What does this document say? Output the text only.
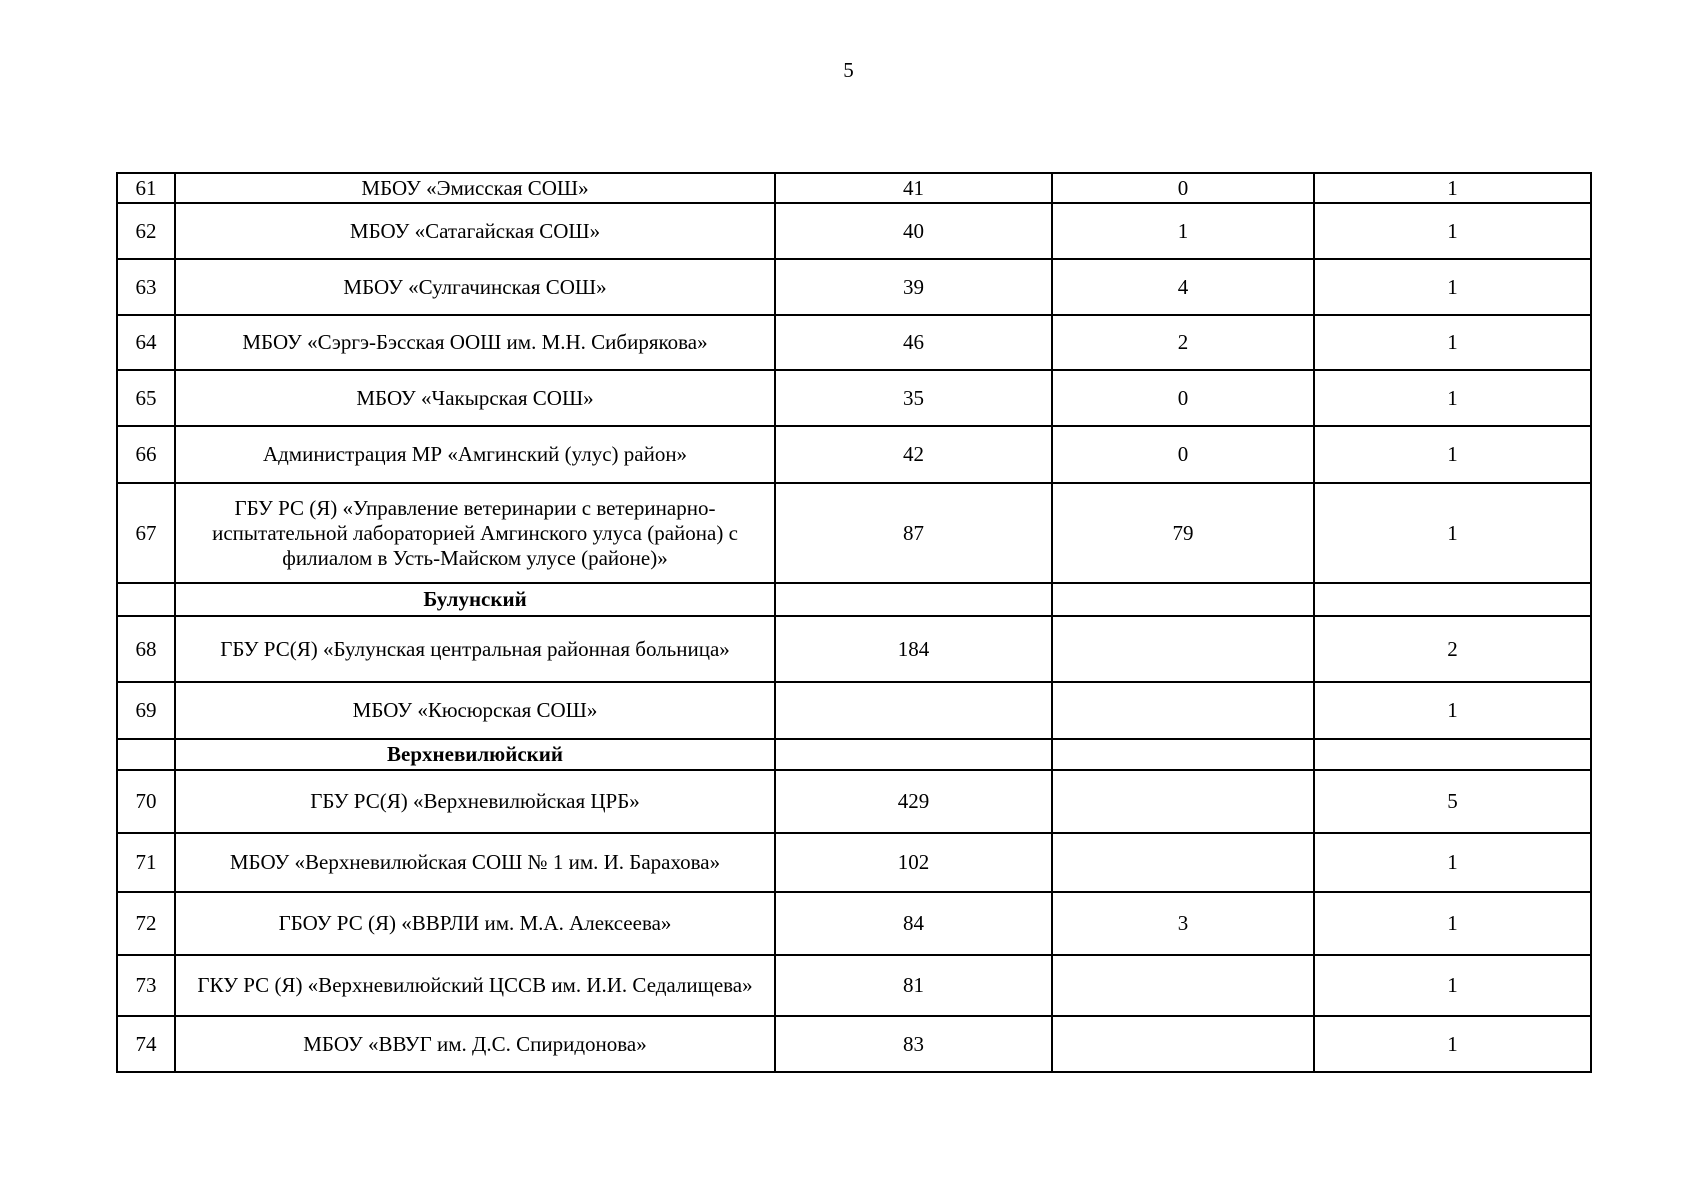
5
61	МБОУ «Эмисская СОШ»	41	0	1
62	МБОУ «Сатагайская СОШ»	40	1	1
63	МБОУ «Сулгачинская СОШ»	39	4	1
64	МБОУ «Сэргэ-Бэсская ООШ им. М.Н. Сибирякова»	46	2	1
65	МБОУ «Чакырская СОШ»	35	0	1
66	Администрация МР «Амгинский (улус) район»	42	0	1
67	ГБУ РС (Я) «Управление ветеринарии с ветеринарно-испытательной лабораторией Амгинского улуса (района) с филиалом в Усть-Майском улусе (районе)»	87	79	1
	Булунский			
68	ГБУ РС(Я) «Булунская центральная районная больница»	184		2
69	МБОУ «Кюсюрская СОШ»			1
	Верхневилюйский			
70	ГБУ РС(Я) «Верхневилюйская ЦРБ»	429		5
71	МБОУ «Верхневилюйская СОШ № 1 им. И. Барахова»	102		1
72	ГБОУ РС (Я) «ВВРЛИ им. М.А. Алексеева»	84	3	1
73	ГКУ РС (Я) «Верхневилюйский ЦССВ им. И.И. Седалищева»	81		1
74	МБОУ «ВВУГ им. Д.С. Спиридонова»	83		1
